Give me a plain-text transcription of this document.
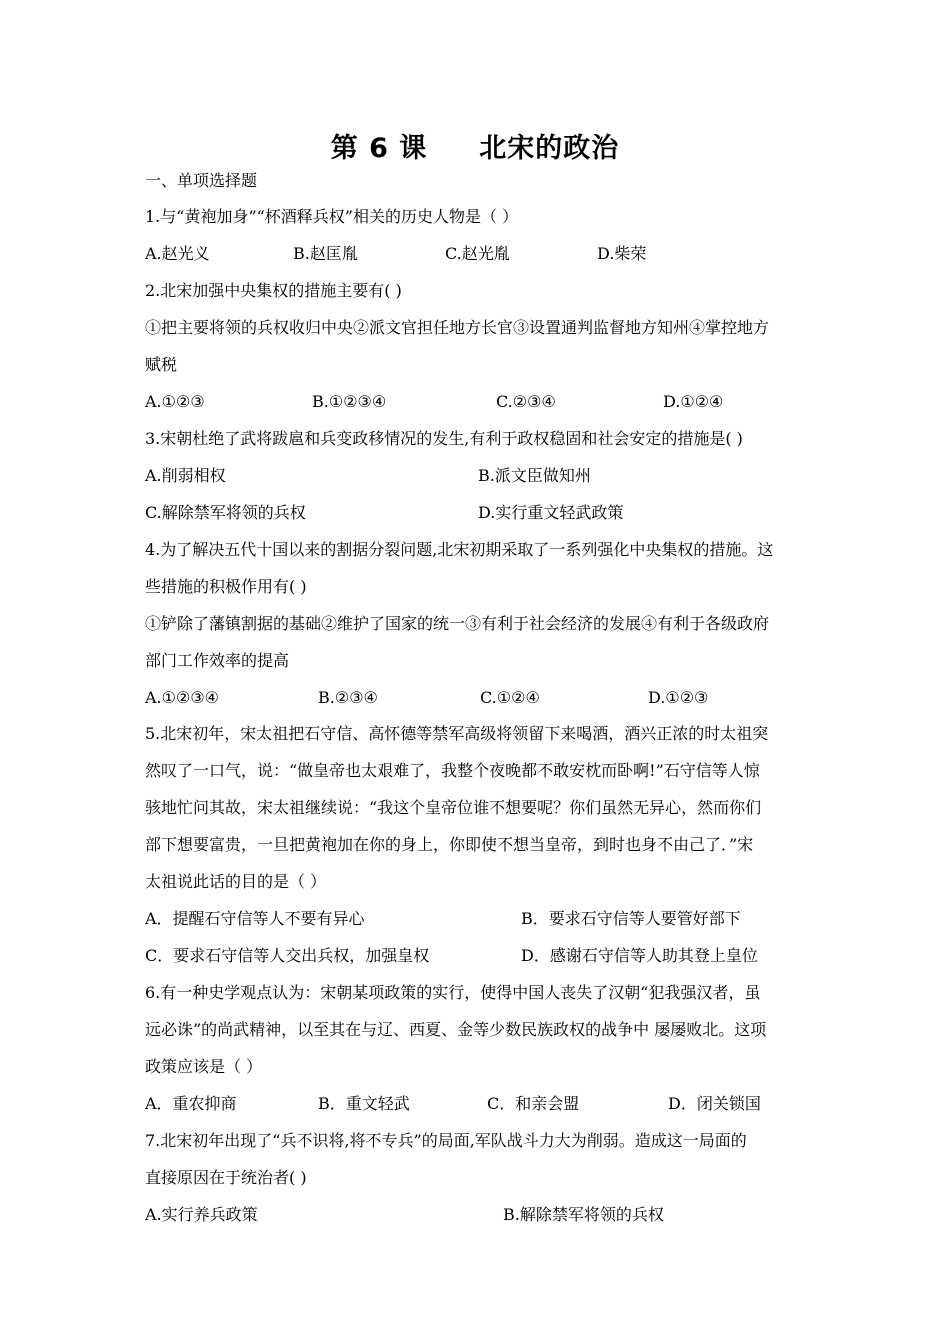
第 6 课     北宋的政治
一、单项选择题
1.与“黄袍加身”“杯酒释兵权”相关的历史人物是（ ）
A.赵光义	B.赵匡胤	C.赵光胤	D.柴荣
2.北宋加强中央集权的措施主要有( )
①把主要将领的兵权收归中央②派文官担任地方长官③设置通判监督地方知州④掌控地方
赋税
A.①②③	B.①②③④	C.②③④	D.①②④
3.宋朝杜绝了武将跋扈和兵变政移情况的发生,有利于政权稳固和社会安定的措施是( )
A.削弱相权	B.派文臣做知州
C.解除禁军将领的兵权	D.实行重文轻武政策
4.为了解决五代十国以来的割据分裂问题,北宋初期采取了一系列强化中央集权的措施。这
些措施的积极作用有( )
①铲除了藩镇割据的基础②维护了国家的统一③有利于社会经济的发展④有利于各级政府
部门工作效率的提高
A.①②③④	B.②③④	C.①②④	D.①②③
5.北宋初年，宋太祖把石守信、高怀德等禁军高级将领留下来喝酒，酒兴正浓的时太祖突
然叹了一口气，说：“做皇帝也太艰难了，我整个夜晚都不敢安枕而卧啊!”石守信等人惊
骇地忙问其故，宋太祖继续说：“我这个皇帝位谁不想要呢？你们虽然无异心，然而你们
部下想要富贵，一旦把黄袍加在你的身上，你即使不想当皇帝，到时也身不由己了．”宋
太祖说此话的目的是（ ）
A．提醒石守信等人不要有异心	B．要求石守信等人要管好部下
C．要求石守信等人交出兵权，加强皇权	D．感谢石守信等人助其登上皇位
6.有一种史学观点认为：宋朝某项政策的实行，使得中国人丧失了汉朝“犯我强汉者，虽
远必诛”的尚武精神，以至其在与辽、西夏、金等少数民族政权的战争中 屡屡败北。这项
政策应该是（ ）
A．重农抑商	B．重文轻武	C．和亲会盟	D．闭关锁国
7.北宋初年出现了“兵不识将,将不专兵”的局面,军队战斗力大为削弱。造成这一局面的
直接原因在于统治者( )
A.实行养兵政策	B.解除禁军将领的兵权
